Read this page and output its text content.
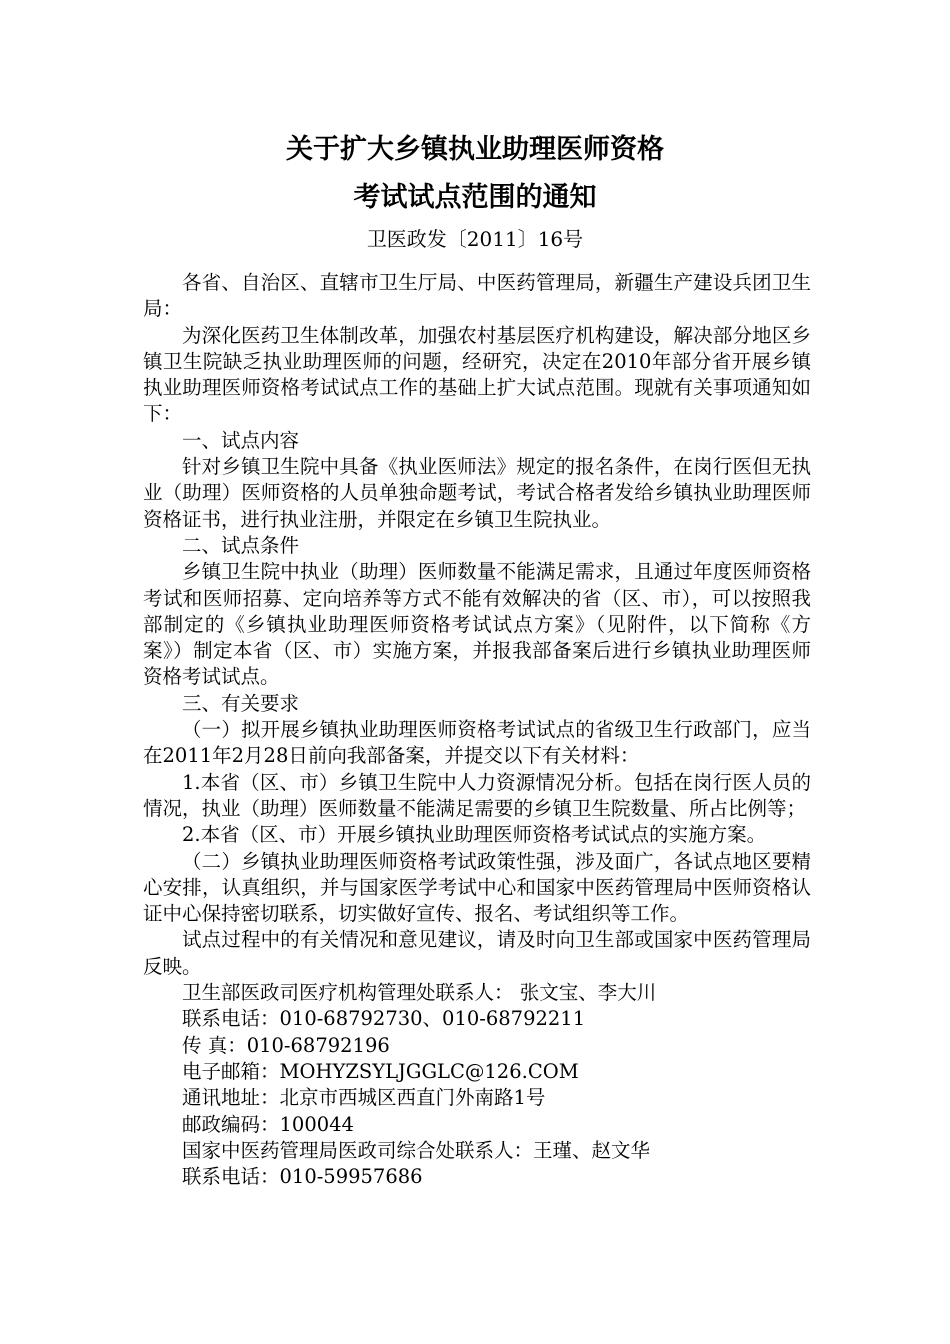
关于扩大乡镇执业助理医师资格
考试试点范围的通知
卫医政发〔2011〕16号

各省、自治区、直辖市卫生厅局、中医药管理局，新疆生产建设兵团卫生局：

为深化医药卫生体制改革，加强农村基层医疗机构建设，解决部分地区乡镇卫生院缺乏执业助理医师的问题，经研究，决定在2010年部分省开展乡镇执业助理医师资格考试试点工作的基础上扩大试点范围。现就有关事项通知如下：

一、试点内容

针对乡镇卫生院中具备《执业医师法》规定的报名条件，在岗行医但无执业（助理）医师资格的人员单独命题考试，考试合格者发给乡镇执业助理医师资格证书，进行执业注册，并限定在乡镇卫生院执业。

二、试点条件

乡镇卫生院中执业（助理）医师数量不能满足需求，且通过年度医师资格考试和医师招募、定向培养等方式不能有效解决的省（区、市），可以按照我部制定的《乡镇执业助理医师资格考试试点方案》（见附件，以下简称《方案》）制定本省（区、市）实施方案，并报我部备案后进行乡镇执业助理医师资格考试试点。

三、有关要求

（一）拟开展乡镇执业助理医师资格考试试点的省级卫生行政部门，应当在2011年2月28日前向我部备案，并提交以下有关材料：

1.本省（区、市）乡镇卫生院中人力资源情况分析。包括在岗行医人员的情况，执业（助理）医师数量不能满足需要的乡镇卫生院数量、所占比例等；

2.本省（区、市）开展乡镇执业助理医师资格考试试点的实施方案。

（二）乡镇执业助理医师资格考试政策性强，涉及面广，各试点地区要精心安排，认真组织，并与国家医学考试中心和国家中医药管理局中医师资格认证中心保持密切联系，切实做好宣传、报名、考试组织等工作。

试点过程中的有关情况和意见建议，请及时向卫生部或国家中医药管理局反映。

卫生部医政司医疗机构管理处联系人： 张文宝、李大川

联系电话：010-68792730、010-68792211

传 真：010-68792196

电子邮箱：MOHYZSYLJGGLC@126.COM

通讯地址：北京市西城区西直门外南路1号

邮政编码：100044

国家中医药管理局医政司综合处联系人：王瑾、赵文华

联系电话：010-59957686
